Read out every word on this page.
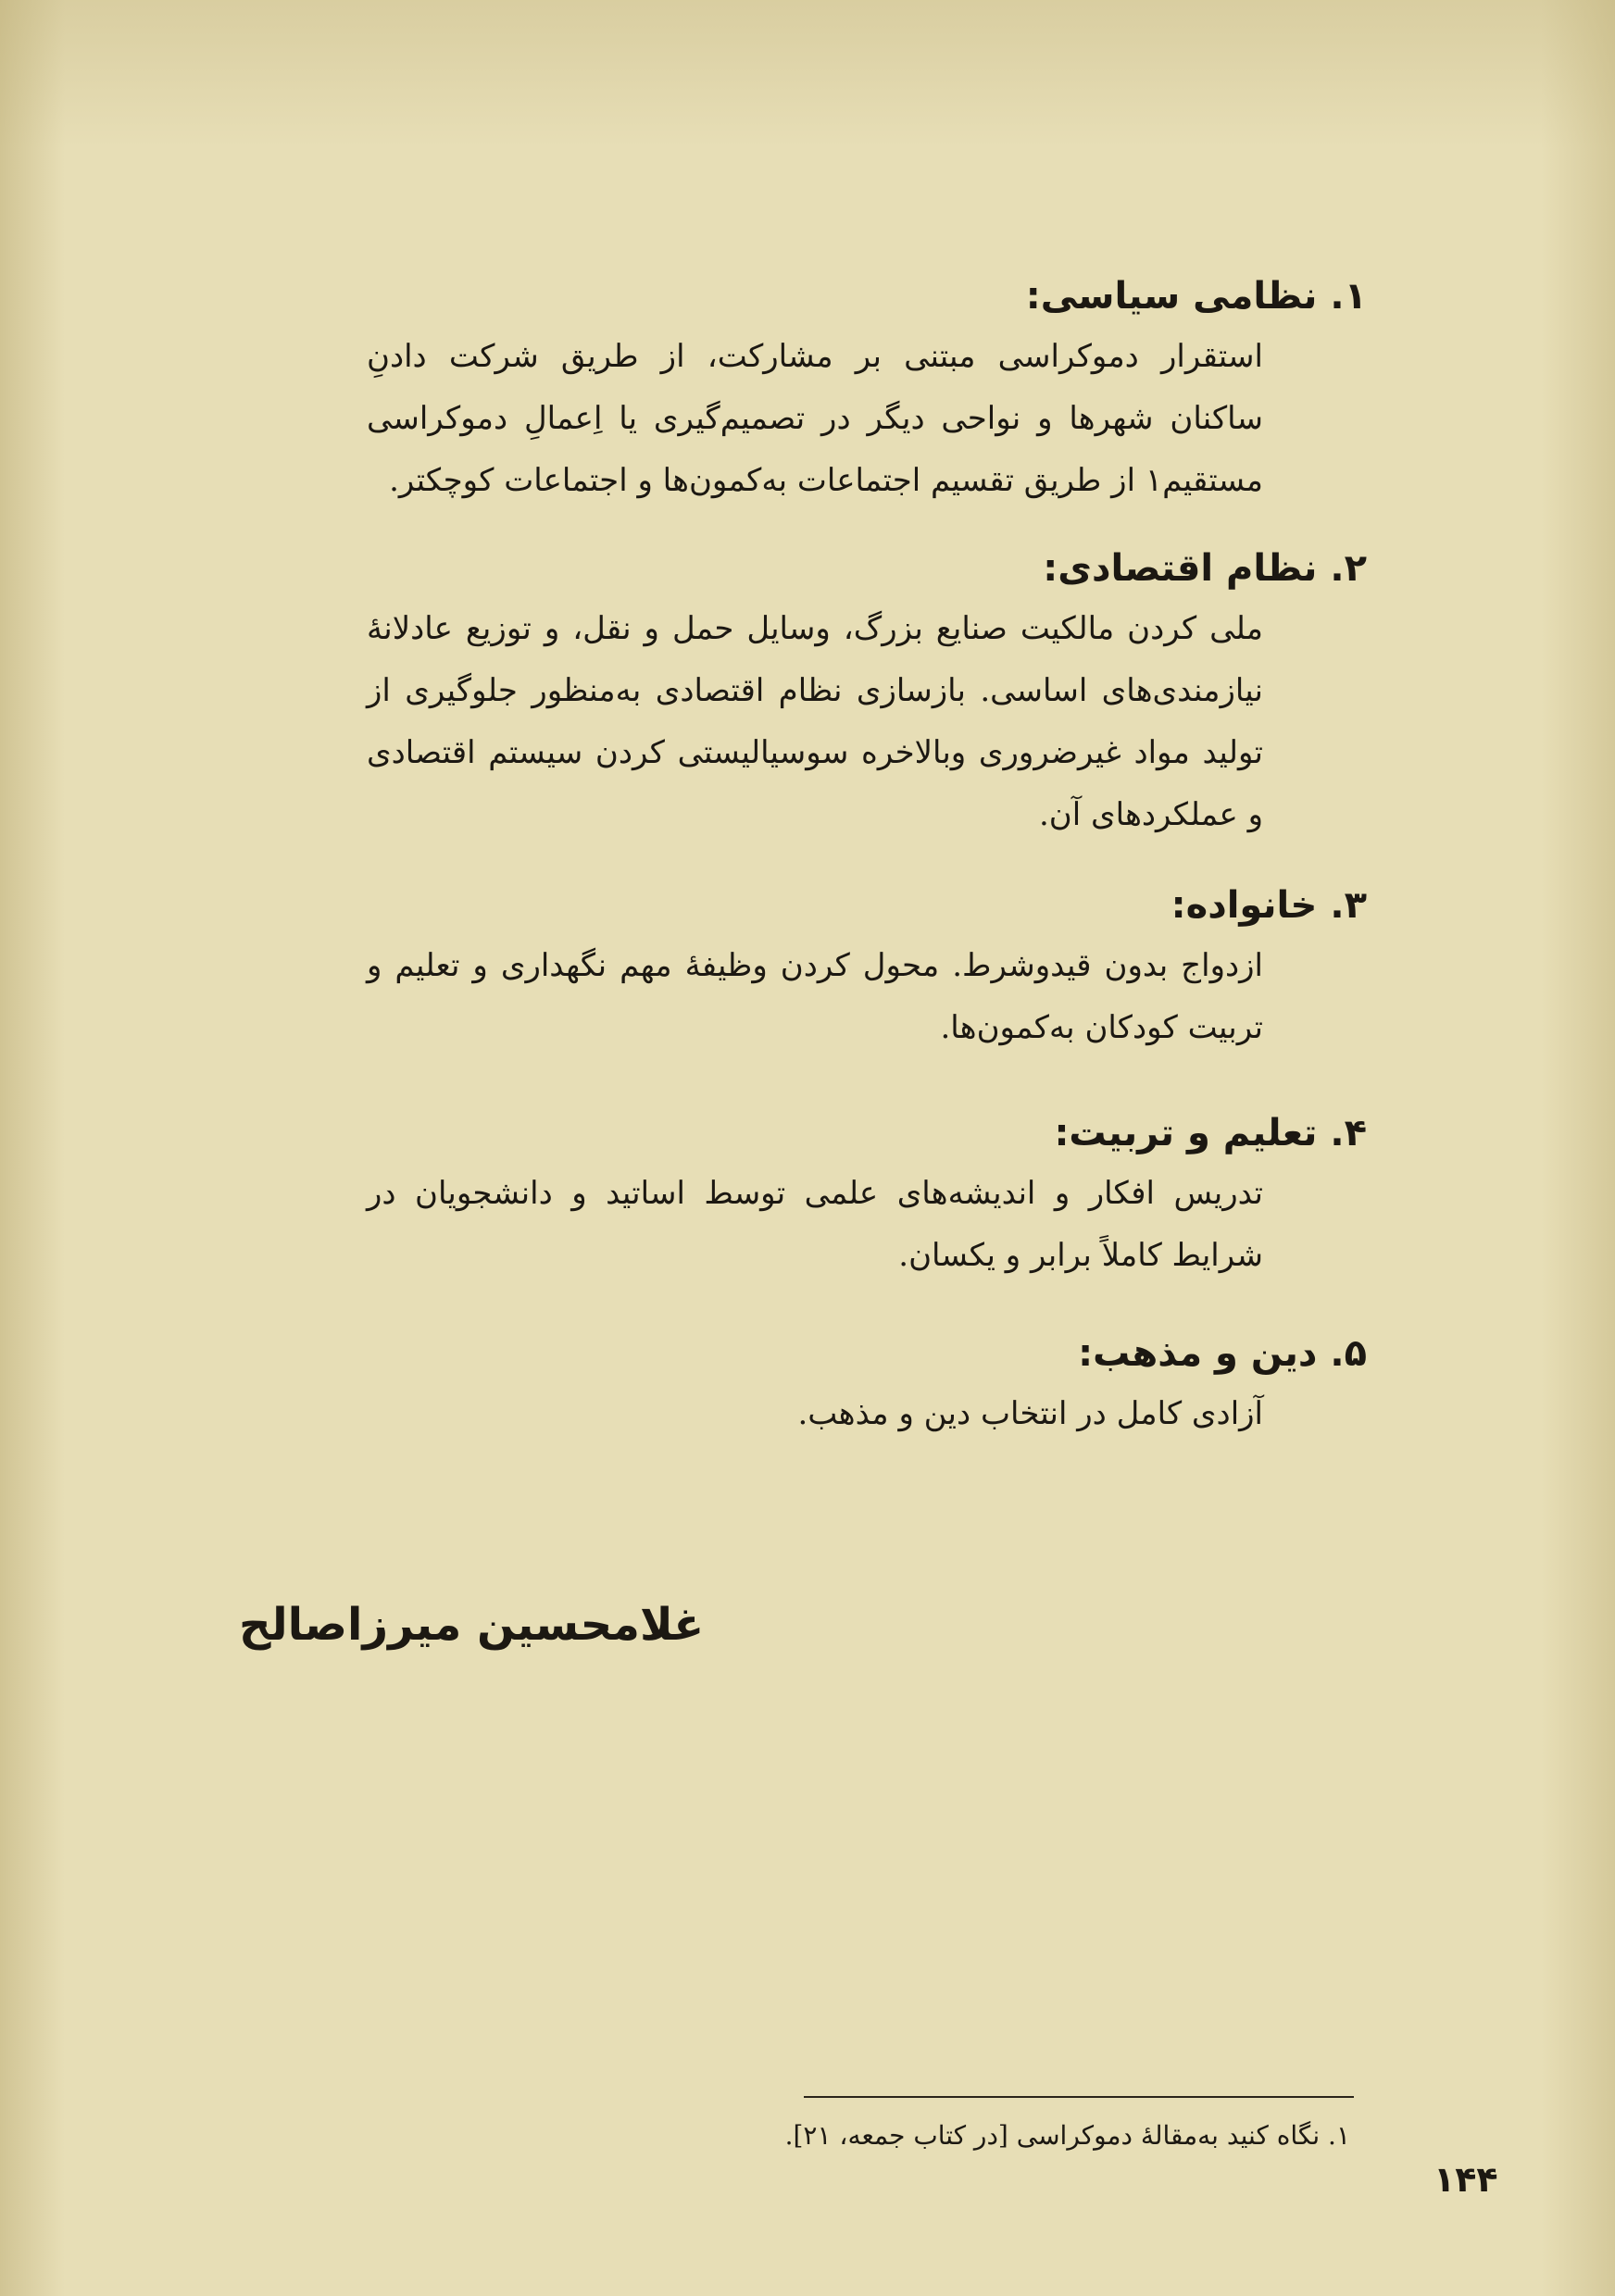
۱.نظامی سیاسی:

استقرار دموکراسی مبتنی بر مشارکت، از طریق شرکت دادنِ ساکنان شهرها و نواحی دیگر در تصمیم‌گیری یا اِعمالِ دموکراسی مستقیم‌١ از طریق تقسیم اجتماعات به‌کمون‌ها و اجتماعات کوچکتر.

۲.نظام اقتصادی:

ملی کردن مالکیت صنایع بزرگ، وسایل حمل و نقل، و توزیع عادلانهٔ نیازمندی‌های اساسی. بازسازی نظام اقتصادی به‌منظور جلوگیری از تولید مواد غیرضروری وبالاخره سوسیالیستی کردن سیستم اقتصادی و عملکردهای آن.

۳.خانواده:

ازدواج بدون قیدوشرط. محول کردن وظیفهٔ مهم نگهداری و تعلیم و تربیت کودکان به‌کمون‌ها.

۴.تعلیم و تربیت:

تدریس افکار و اندیشه‌های علمی توسط اساتید و دانشجویان در شرایط کاملاً برابر و یکسان.

۵.دین و مذهب:

آزادی کامل در انتخاب دین و مذهب.

غلامحسین میرزاصالح
۱. نگاه کنید به‌مقالهٔ دموکراسی [در کتاب جمعه، ۲۱].
۱۴۴
